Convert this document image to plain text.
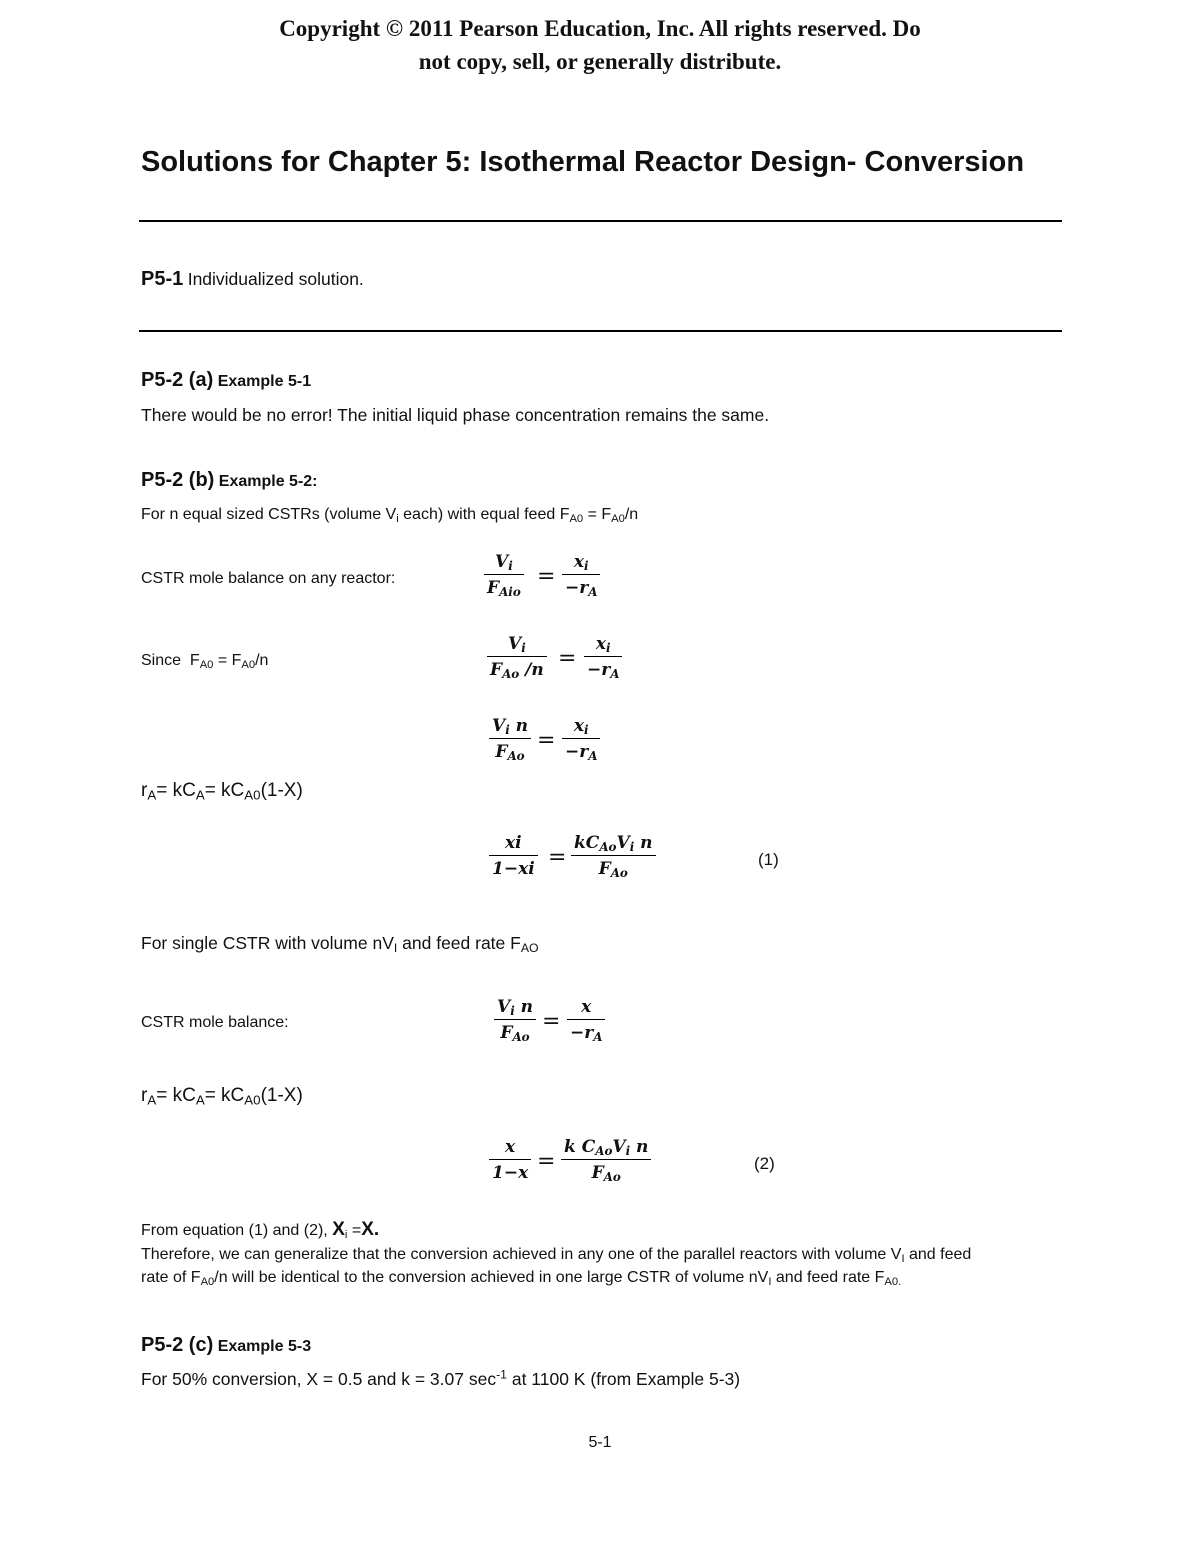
Copyright © 2011 Pearson Education, Inc. All rights reserved. Do
not copy, sell, or generally distribute.
Solutions for Chapter 5: Isothermal Reactor Design- Conversion
P5-1 Individualized solution.
P5-2 (a) Example 5-1
There would be no error! The initial liquid phase concentration remains the same.
P5-2 (b) Example 5-2:
For n equal sized CSTRs (volume $V_i$ each) with equal feed $F_{A0} = F_{A0}/n$
CSTR mole balance on any reactor:
$V_i$
$F_{Aio}$
=
$x_i$
$-r_A$
Since  $F_{A0} = F_{A0}/n$
$V_i$
$F_{Ao}$ /n =
$x_i$
$-r_A$
$V_i$ n
$F_{Ao}$
=
$x_i$
$-r_A$
$r_A= kC_A= kC_{A0}(1-X)$
xi
1−xi =
$kC_{Ao}V_i$ n
$F_{Ao}$
(1)
For single CSTR with volume $nV_I$ and feed rate $F_{AO}$
CSTR mole balance:
$V_i$ n
$F_{Ao}$
=
x
$-r_A$
$r_A= kC_A= kC_{A0}(1-X)$
x
1−x =
k $C_{Ao}V_i$ n
$F_{Ao}$
(2)
From equation (1) and (2), $X_i =X$.
Therefore, we can generalize that the conversion achieved in any one of the parallel reactors with volume $V_I$ and feed
rate of $F_{A0}/n$ will be identical to the conversion achieved in one large CSTR of volume $nV_I$ and feed rate $F_{A0.}$
P5-2 (c) Example 5-3
For 50% conversion, X = 0.5 and k = 3.07 $\sec^{-1}$ at 1100 K (from Example 5-3)
5-1
